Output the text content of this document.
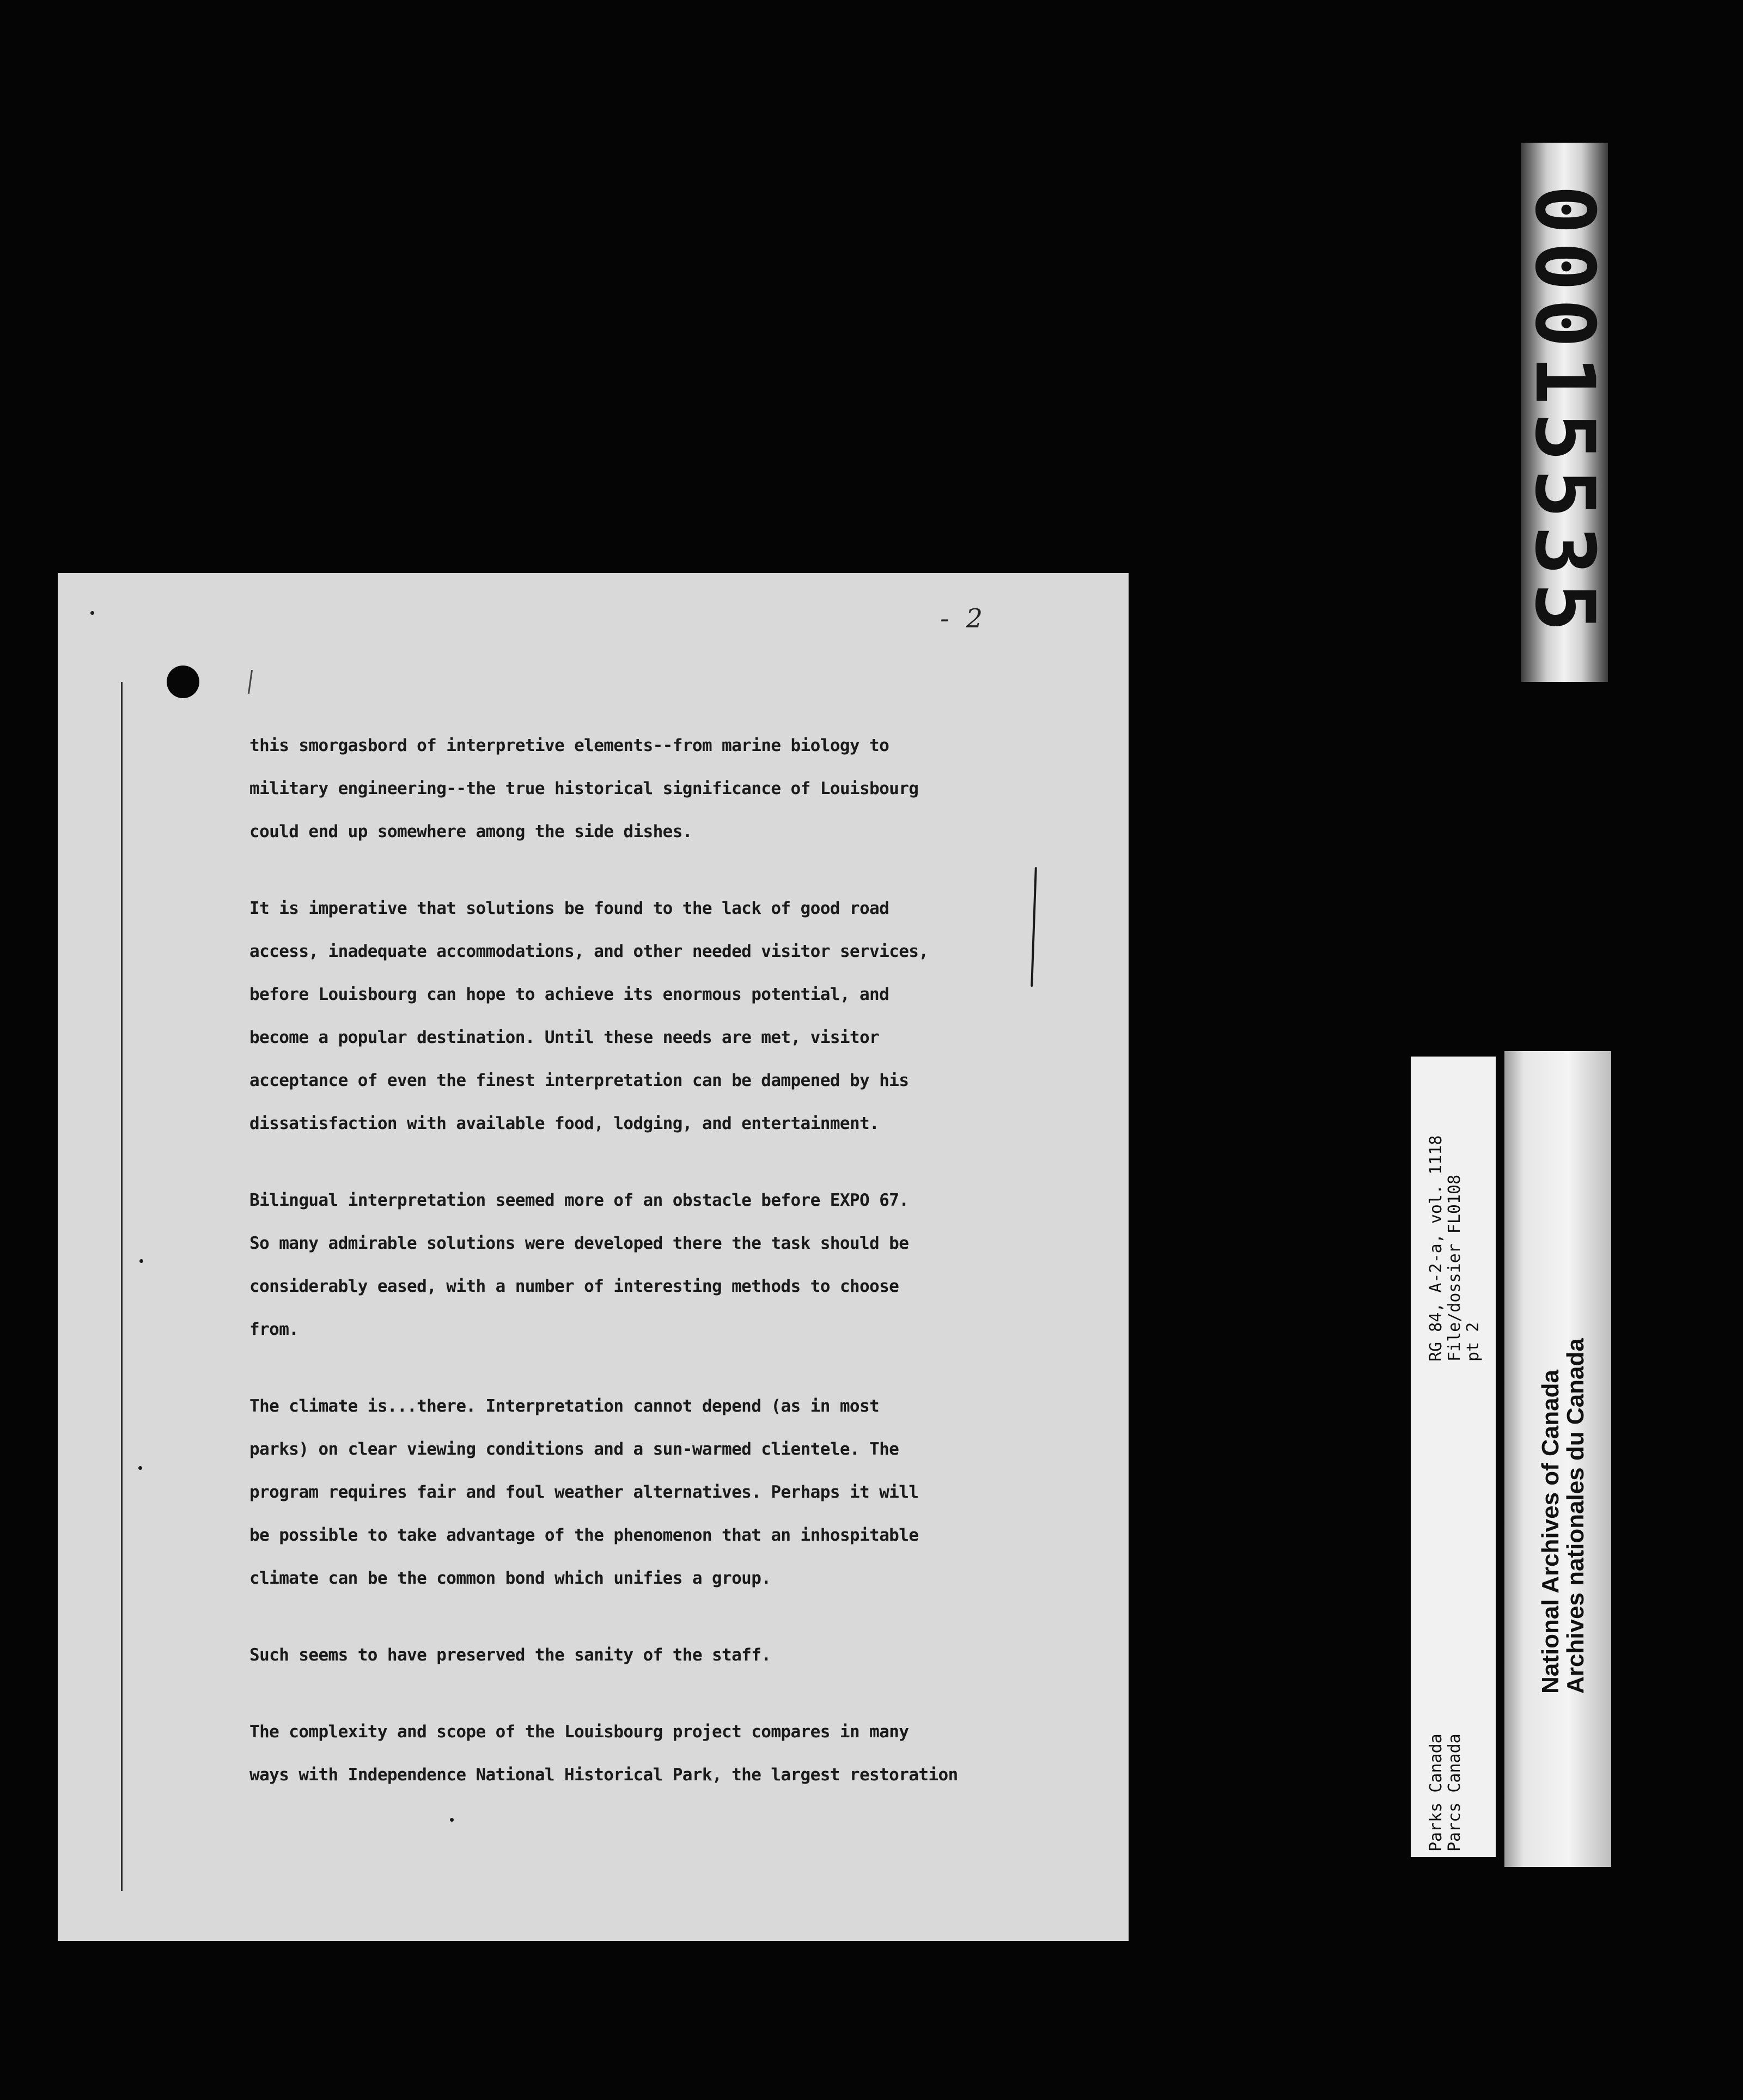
- 2
this smorgasbord of interpretive elements--from marine biology to
military engineering--the true historical significance of Louisbourg
could end up somewhere among the side dishes.
It is imperative that solutions be found to the lack of good road
access, inadequate accommodations, and other needed visitor services,
before Louisbourg can hope to achieve its enormous potential, and
become a popular destination. Until these needs are met, visitor
acceptance of even the finest interpretation can be dampened by his
dissatisfaction with available food, lodging, and entertainment.
Bilingual interpretation seemed more of an obstacle before EXPO 67.
So many admirable solutions were developed there the task should be
considerably eased, with a number of interesting methods to choose
from.
The climate is...there. Interpretation cannot depend (as in most
parks) on clear viewing conditions and a sun-warmed clientele. The
program requires fair and foul weather alternatives. Perhaps it will
be possible to take advantage of the phenomenon that an inhospitable
climate can be the common bond which unifies a group.
Such seems to have preserved the sanity of the staff.
The complexity and scope of the Louisbourg project compares in many
ways with Independence National Historical Park, the largest restoration
00015535
RG 84, A-2-a, vol. 1118 File/dossier FL0108 pt 2
Parks Canada Parcs Canada
National Archives of Canada
Archives nationales du Canada
